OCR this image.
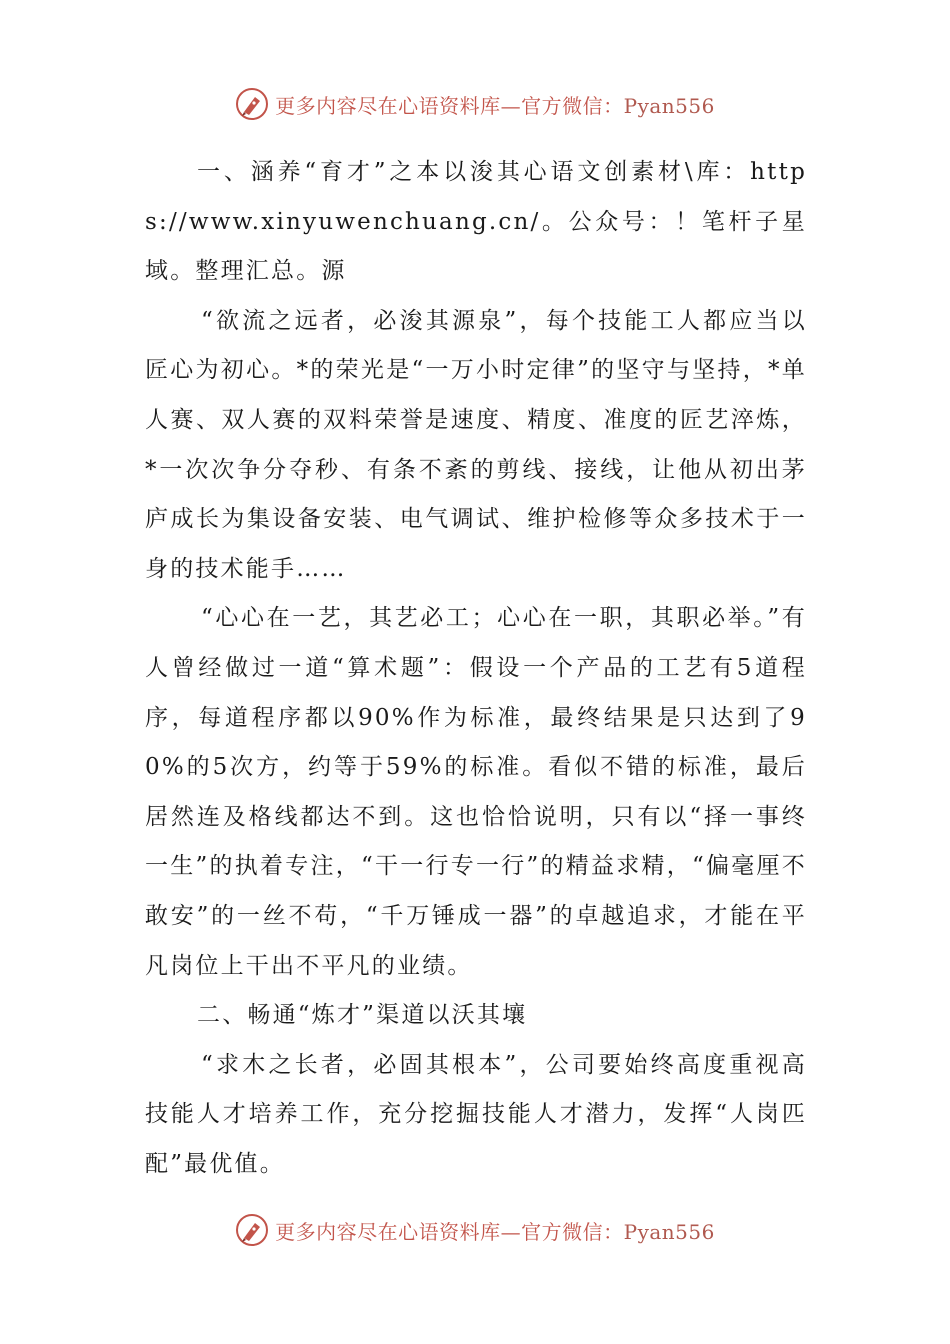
更多内容尽在心语资料库—官方微信：Pyan556

一、涵养“育才”之本以浚其心语文创素材\库：https://www.xinyuwenchuang.cn/。公众号：！笔杆子星域。整理汇总。源

“欲流之远者，必浚其源泉”，每个技能工人都应当以匠心为初心。*的荣光是“一万小时定律”的坚守与坚持，*单人赛、双人赛的双料荣誉是速度、精度、准度的匠艺淬炼，*一次次争分夺秒、有条不紊的剪线、接线，让他从初出茅庐成长为集设备安装、电气调试、维护检修等众多技术于一身的技术能手……

“心心在一艺，其艺必工；心心在一职，其职必举。”有人曾经做过一道“算术题”：假设一个产品的工艺有5道程序，每道程序都以90%作为标准，最终结果是只达到了90%的5次方，约等于59%的标准。看似不错的标准，最后居然连及格线都达不到。这也恰恰说明，只有以“择一事终一生”的执着专注，“干一行专一行”的精益求精，“偏毫厘不敢安”的一丝不苟，“千万锤成一器”的卓越追求，才能在平凡岗位上干出不平凡的业绩。

二、畅通“炼才”渠道以沃其壤

“求木之长者，必固其根本”，公司要始终高度重视高技能人才培养工作，充分挖掘技能人才潜力，发挥“人岗匹配”最优值。

更多内容尽在心语资料库—官方微信：Pyan556
